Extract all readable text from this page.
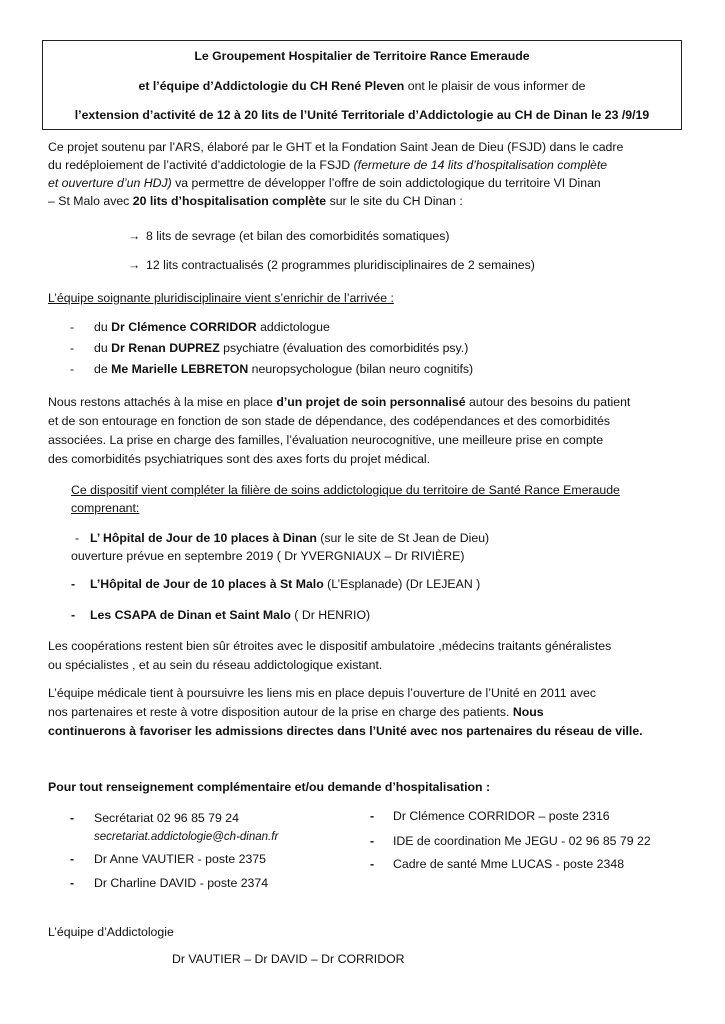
Le Groupement Hospitalier de Territoire Rance Emeraude
et l’équipe d’Addictologie du CH René Pleven ont le plaisir de vous informer de
l’extension d’activité de 12 à 20 lits de l’Unité Territoriale d’Addictologie au CH de Dinan le 23 /9/19
Ce projet soutenu par l’ARS, élaboré par le GHT et la Fondation Saint Jean de Dieu (FSJD) dans le cadre
du redéploiement de l’activité d’addictologie de la FSJD (fermeture de 14 lits d’hospitalisation complète
et ouverture d’un HDJ) va permettre de développer l’offre de soin addictologique du territoire VI Dinan
– St Malo avec 20 lits d’hospitalisation complète sur le site du CH Dinan :
→ 8 lits de sevrage (et bilan des comorbidités somatiques)
→ 12 lits contractualisés (2 programmes pluridisciplinaires de 2 semaines)
L’équipe soignante pluridisciplinaire vient s’enrichir de l’arrivée :
- du Dr Clémence CORRIDOR addictologue
- du Dr Renan DUPREZ psychiatre (évaluation des comorbidités psy.)
- de Me Marielle LEBRETON neuropsychologue (bilan neuro cognitifs)
Nous restons attachés à la mise en place d’un projet de soin personnalisé autour des besoins du patient
et de son entourage en fonction de son stade de dépendance, des codépendances et des comorbidités
associées. La prise en charge des familles, l’évaluation neurocognitive, une meilleure prise en compte
des comorbidités psychiatriques sont des axes forts du projet médical.
Ce dispositif vient compléter la filière de soins addictologique du territoire de Santé Rance Emeraude
comprenant:
- L’ Hôpital de Jour de 10 places à Dinan (sur le site de St Jean de Dieu)
ouverture prévue en septembre 2019 ( Dr YVERGNIAUX – Dr RIVIÈRE)
- L’Hôpital de Jour de 10 places à St Malo (L’Esplanade) (Dr LEJEAN )
- Les CSAPA de Dinan et Saint Malo ( Dr HENRIO)
Les coopérations restent bien sûr étroites avec le dispositif ambulatoire ,médecins traitants généralistes
ou spécialistes , et au sein du réseau addictologique existant.
L’équipe médicale tient à poursuivre les liens mis en place depuis l’ouverture de l’Unité en 2011 avec
nos partenaires et reste à votre disposition autour de la prise en charge des patients. Nous
continuerons à favoriser les admissions directes dans l’Unité avec nos partenaires du réseau de ville.
Pour tout renseignement complémentaire et/ou demande d’hospitalisation :
- Secrétariat 02 96 85 79 24
secretariat.addictologie@ch-dinan.fr
- Dr Anne VAUTIER - poste 2375
- Dr Charline DAVID - poste 2374
- Dr Clémence CORRIDOR – poste 2316
- IDE de coordination Me JEGU - 02 96 85 79 22
- Cadre de santé Mme LUCAS - poste 2348
L’équipe d’Addictologie
Dr VAUTIER – Dr DAVID – Dr CORRIDOR
